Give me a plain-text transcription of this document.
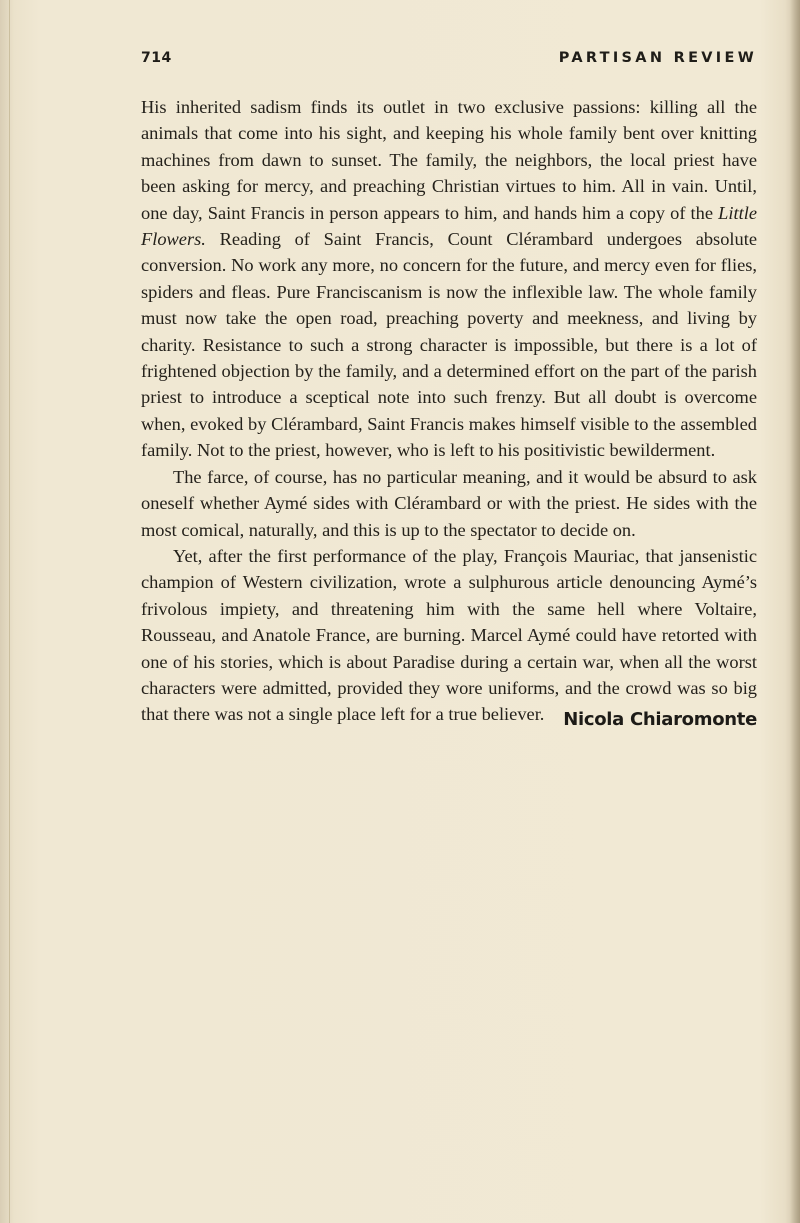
714	PARTISAN REVIEW

His inherited sadism finds its outlet in two exclusive passions: killing all the animals that come into his sight, and keeping his whole family bent over knitting machines from dawn to sunset. The family, the neighbors, the local priest have been asking for mercy, and preaching Christian virtues to him. All in vain. Until, one day, Saint Francis in person appears to him, and hands him a copy of the Little Flowers. Reading of Saint Francis, Count Clérambard undergoes absolute conversion. No work any more, no concern for the future, and mercy even for flies, spiders and fleas. Pure Franciscanism is now the inflexible law. The whole family must now take the open road, preaching poverty and meekness, and living by charity. Resistance to such a strong character is impossible, but there is a lot of frightened objection by the family, and a determined effort on the part of the parish priest to introduce a sceptical note into such frenzy. But all doubt is overcome when, evoked by Clérambard, Saint Francis makes himself visible to the assembled family. Not to the priest, however, who is left to his positivistic bewilderment.

The farce, of course, has no particular meaning, and it would be absurd to ask oneself whether Aymé sides with Clérambard or with the priest. He sides with the most comical, naturally, and this is up to the spectator to decide on.

Yet, after the first performance of the play, François Mauriac, that jansenistic champion of Western civilization, wrote a sulphurous article denouncing Aymé’s frivolous impiety, and threatening him with the same hell where Voltaire, Rousseau, and Anatole France, are burning. Marcel Aymé could have retorted with one of his stories, which is about Paradise during a certain war, when all the worst characters were admitted, provided they wore uniforms, and the crowd was so big that there was not a single place left for a true believer.	Nicola Chiaromonte
